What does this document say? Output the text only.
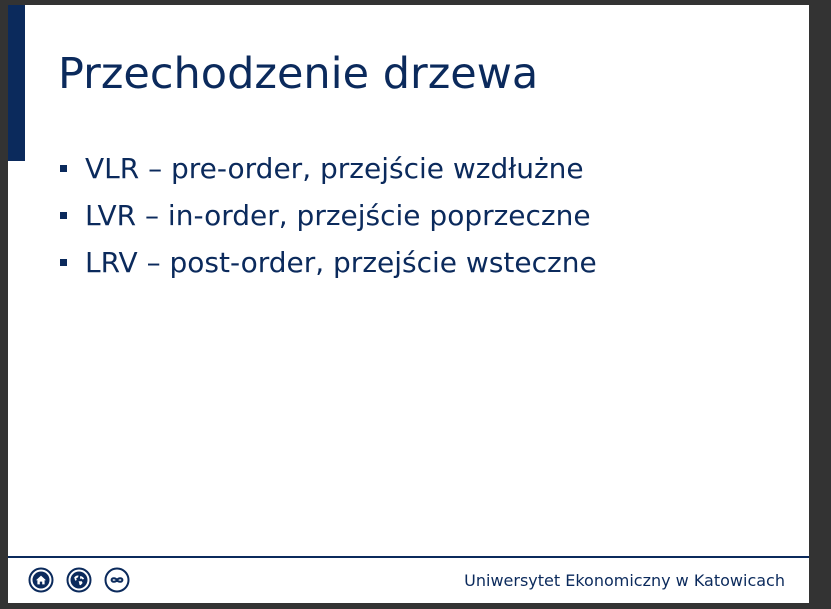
Przechodzenie drzewa
VLR – pre-order, przejście wzdłużne
LVR – in-order, przejście poprzeczne
LRV – post-order, przejście wsteczne
Uniwersytet Ekonomiczny w Katowicach
